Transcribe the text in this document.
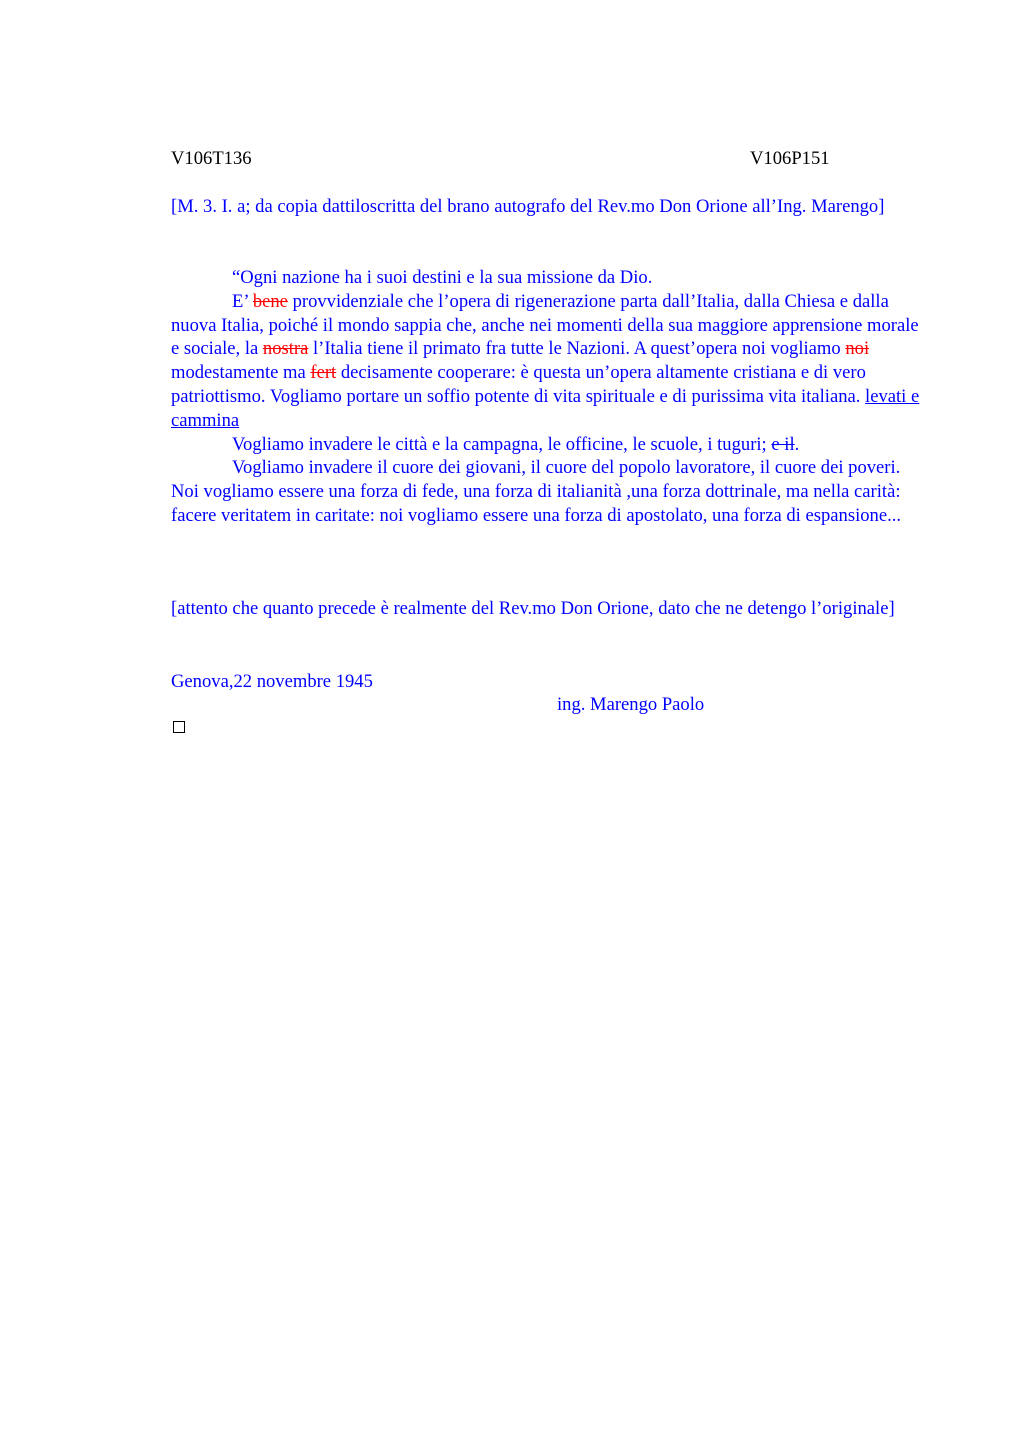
V106T136	V106P151

[M. 3. I. a; da copia dattiloscritta del brano autografo del Rev.mo Don Orione all’Ing. Marengo]

“Ogni nazione ha i suoi destini e la sua missione da Dio.

E’ bene provvidenziale che l’opera di rigenerazione parta dall’Italia, dalla Chiesa e dalla nuova Italia, poiché il mondo sappia che, anche nei momenti della sua maggiore apprensione morale e sociale, la nostra l’Italia tiene il primato fra tutte le Nazioni. A quest’opera noi vogliamo noi modestamente ma fert decisamente cooperare: è questa un’opera altamente cristiana e di vero patriottismo. Vogliamo portare un soffio potente di vita spirituale e di purissima vita italiana. levati e cammina

Vogliamo invadere le città e la campagna, le officine, le scuole, i tuguri; e il.

Vogliamo invadere il cuore dei giovani, il cuore del popolo lavoratore, il cuore dei poveri. Noi vogliamo essere una forza di fede, una forza di italianità ,una forza dottrinale, ma nella carità: facere veritatem in caritate: noi vogliamo essere una forza di apostolato, una forza di espansione...

[attento che quanto precede è realmente del Rev.mo Don Orione, dato che ne detengo l’originale]

Genova,22 novembre 1945

ing. Marengo Paolo
